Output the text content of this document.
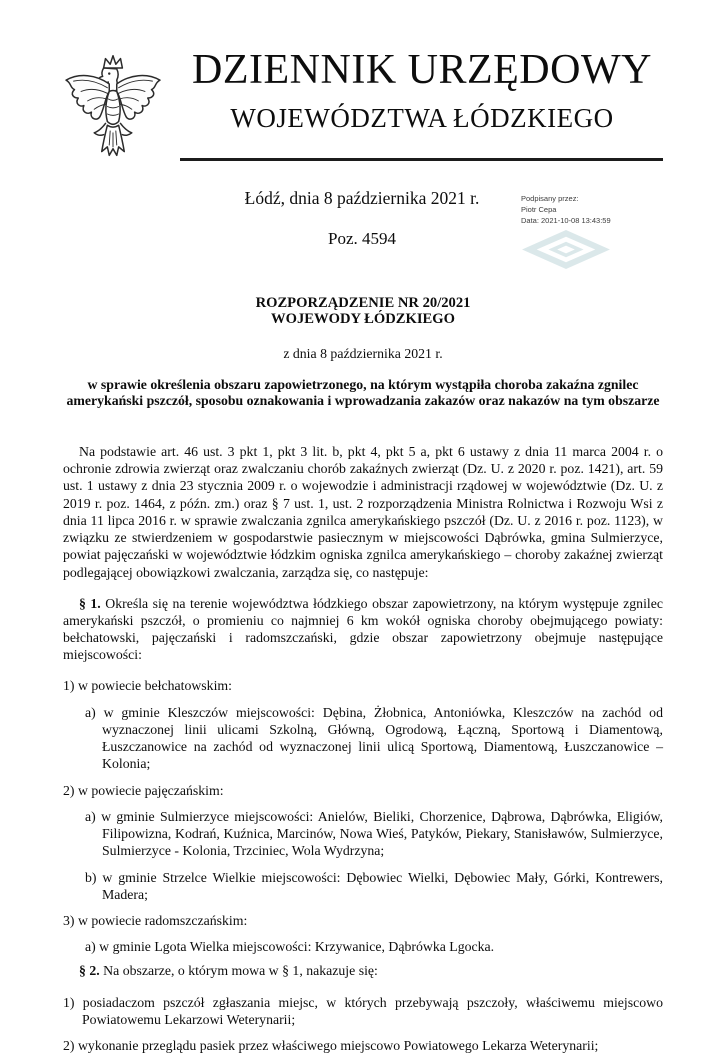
DZIENNIK URZĘDOWY
WOJEWÓDZTWA ŁÓDZKIEGO
Łódź, dnia 8 października 2021 r.
Poz. 4594
Podpisany przez:
Piotr Cepa
Data: 2021-10-08 13:43:59
ROZPORZĄDZENIE NR 20/2021
WOJEWODY ŁÓDZKIEGO
z dnia 8 października 2021 r.
w sprawie określenia obszaru zapowietrzonego, na którym wystąpiła choroba zakaźna zgnilec amerykański pszczół, sposobu oznakowania i wprowadzania zakazów oraz nakazów na tym obszarze

Na podstawie art. 46 ust. 3 pkt 1, pkt 3 lit. b, pkt 4, pkt 5 a, pkt 6 ustawy z dnia 11 marca 2004 r. o ochronie zdrowia zwierząt oraz zwalczaniu chorób zakaźnych zwierząt (Dz. U. z 2020 r. poz. 1421), art. 59 ust. 1 ustawy z dnia 23 stycznia 2009 r. o wojewodzie i administracji rządowej w województwie (Dz. U. z 2019 r. poz. 1464, z późn. zm.) oraz § 7 ust. 1, ust. 2 rozporządzenia Ministra Rolnictwa i Rozwoju Wsi z dnia 11 lipca 2016 r. w sprawie zwalczania zgnilca amerykańskiego pszczół (Dz. U. z 2016 r. poz. 1123), w związku ze stwierdzeniem w gospodarstwie pasiecznym w miejscowości Dąbrówka, gmina Sulmierzyce, powiat pajęczański w województwie łódzkim ogniska zgnilca amerykańskiego – choroby zakaźnej zwierząt podlegającej obowiązkowi zwalczania, zarządza się, co następuje:

§ 1. Określa się na terenie województwa łódzkiego obszar zapowietrzony, na którym występuje zgnilec amerykański pszczół, o promieniu co najmniej 6 km wokół ogniska choroby obejmującego powiaty: bełchatowski, pajęczański i radomszczański, gdzie obszar zapowietrzony obejmuje następujące miejscowości:

1) w powiecie bełchatowskim:
a) w gminie Kleszczów miejscowości: Dębina, Żłobnica, Antoniówka, Kleszczów na zachód od wyznaczonej linii ulicami Szkolną, Główną, Ogrodową, Łączną, Sportową i Diamentową, Łuszczanowice na zachód od wyznaczonej linii ulicą Sportową, Diamentową, Łuszczanowice – Kolonia;
2) w powiecie pajęczańskim:
a) w gminie Sulmierzyce miejscowości: Anielów, Bieliki, Chorzenice, Dąbrowa, Dąbrówka, Eligiów, Filipowizna, Kodrań, Kuźnica, Marcinów, Nowa Wieś, Patyków, Piekary, Stanisławów, Sulmierzyce, Sulmierzyce - Kolonia, Trzciniec, Wola Wydrzyna;
b) w gminie Strzelce Wielkie miejscowości: Dębowiec Wielki, Dębowiec Mały, Górki, Kontrewers, Madera;
3) w powiecie radomszczańskim:
a) w gminie Lgota Wielka miejscowości: Krzywanice, Dąbrówka Lgocka.

§ 2. Na obszarze, o którym mowa w § 1, nakazuje się:

1) posiadaczom pszczół zgłaszania miejsc, w których przebywają pszczoły, właściwemu miejscowo Powiatowemu Lekarzowi Weterynarii;
2) wykonanie przeglądu pasiek przez właściwego miejscowo Powiatowego Lekarza Weterynarii;
